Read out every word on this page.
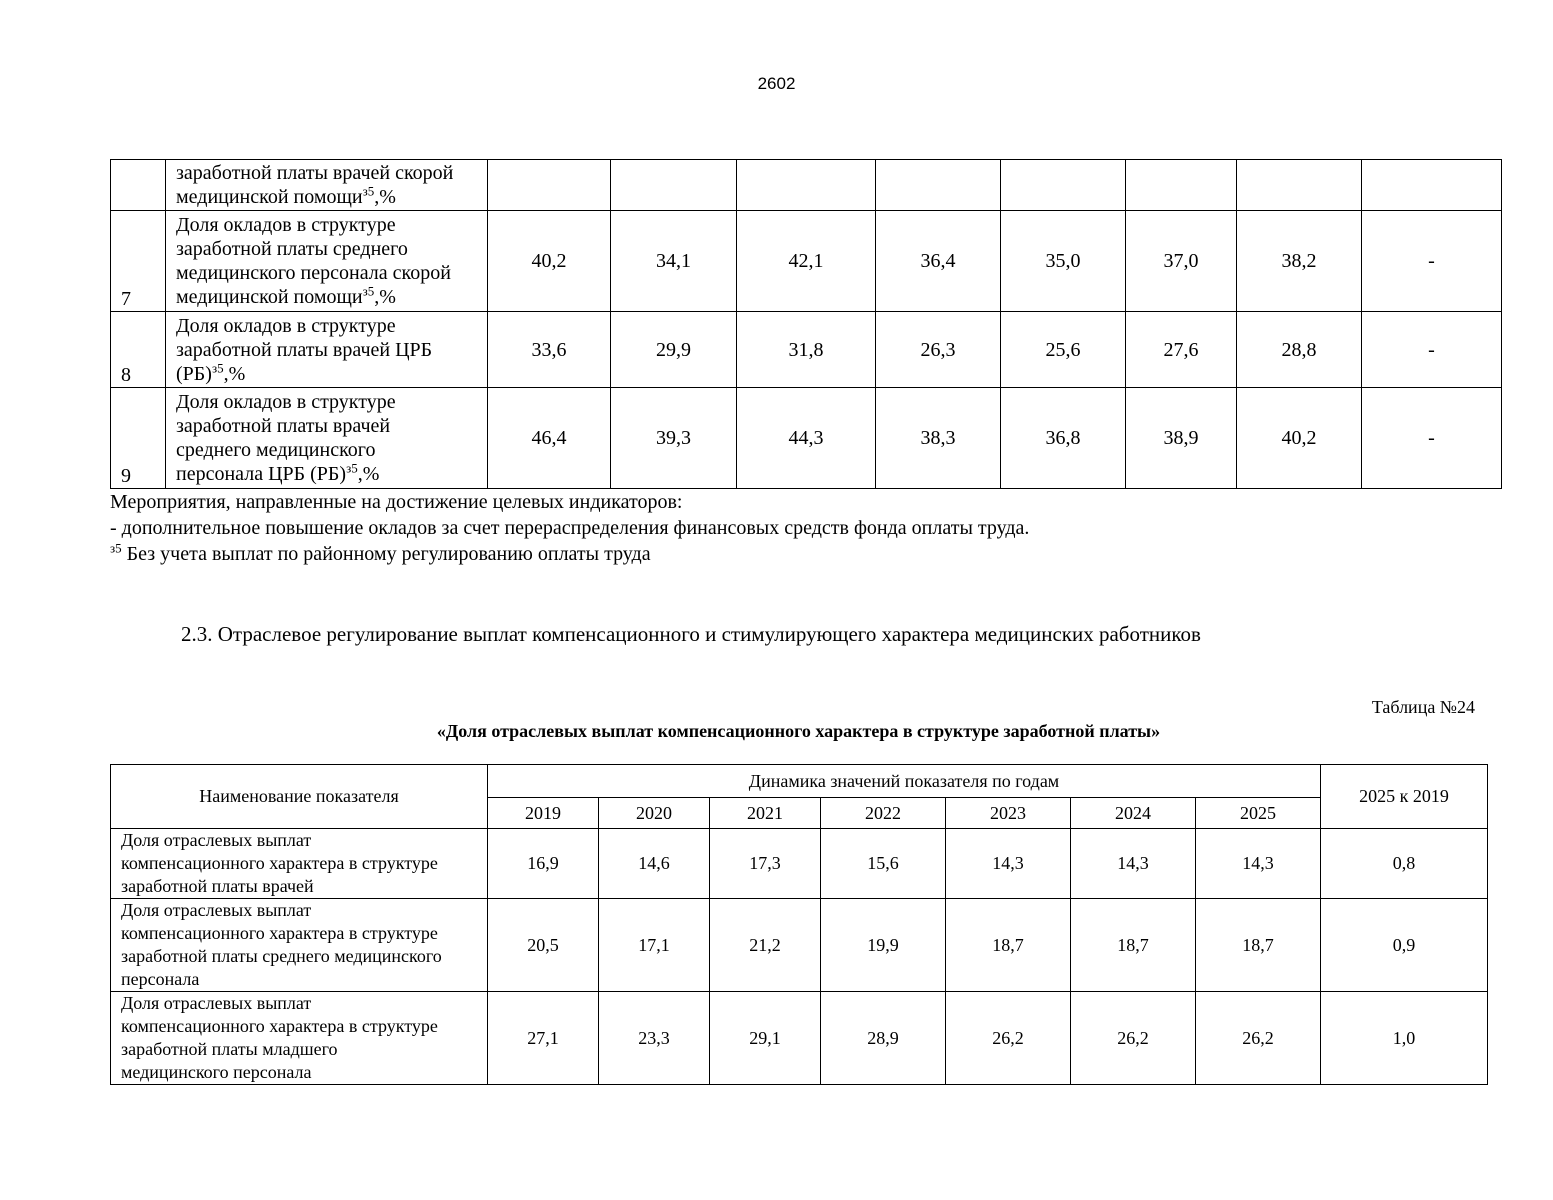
2602

	заработной платы врачей скорой
медицинской помощи$^{з5}$,%								

7	Доля окладов в структуре
заработной платы среднего
медицинского персонала скорой
медицинской помощи$^{з5}$,%	40,2	34,1	42,1	36,4	35,0	37,0	38,2	-
8	Доля окладов в структуре
заработной платы врачей ЦРБ
(РБ)$^{з5}$,%	33,6	29,9	31,8	26,3	25,6	27,6	28,8	-
9	Доля окладов в структуре
заработной платы врачей
среднего медицинского
персонала ЦРБ (РБ)$^{з5}$,%	46,4	39,3	44,3	38,3	36,8	38,9	40,2	-
Мероприятия, направленные на достижение целевых индикаторов:
- дополнительное повышение окладов за счет перераспределения финансовых средств фонда оплаты труда.
$^{з5}$ Без учета выплат по районному регулированию оплаты труда
2.3. Отраслевое регулирование выплат компенсационного и стимулирующего характера медицинских работников
Таблица №24
«Доля отраслевых выплат компенсационного характера в структуре заработной платы»
Наименование показателя	Динамика значений показателя по годам							2025 к 2019
	2019	2020	2021	2022	2023	2024	2025	

Доля отраслевых выплат
компенсационного характера в структуре
заработной платы врачей	16,9	14,6	17,3	15,6	14,3	14,3	14,3	0,8

Доля отраслевых выплат
компенсационного характера в структуре
заработной платы среднего медицинского
персонала	20,5	17,1	21,2	19,9	18,7	18,7	18,7	0,9

Доля отраслевых выплат
компенсационного характера в структуре
заработной платы младшего
медицинского персонала	27,1	23,3	29,1	28,9	26,2	26,2	26,2	1,0
